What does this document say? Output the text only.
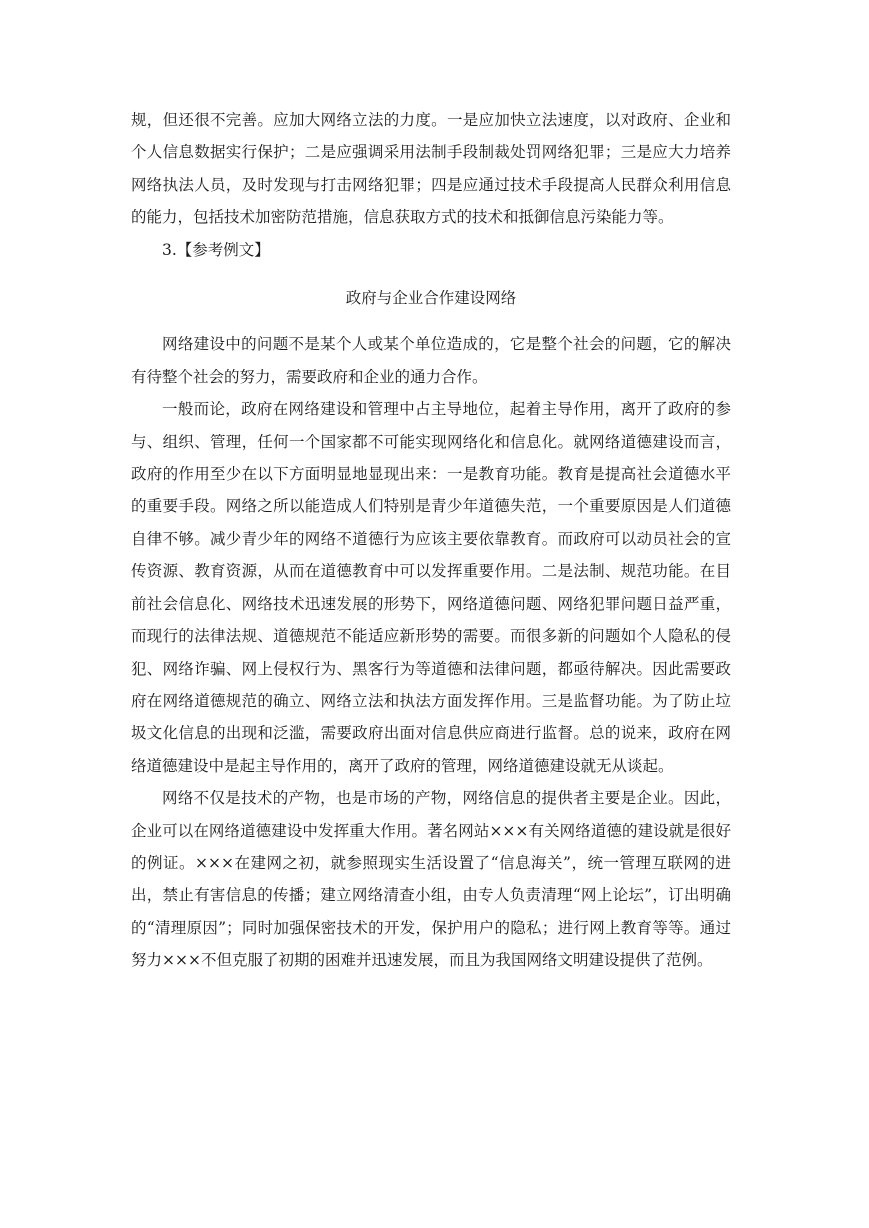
规，但还很不完善。应加大网络立法的力度。一是应加快立法速度，以对政府、企业和个人信息数据实行保护；二是应强调采用法制手段制裁处罚网络犯罪；三是应大力培养网络执法人员，及时发现与打击网络犯罪；四是应通过技术手段提高人民群众利用信息的能力，包括技术加密防范措施，信息获取方式的技术和抵御信息污染能力等。

3.【参考例文】

政府与企业合作建设网络

网络建设中的问题不是某个人或某个单位造成的，它是整个社会的问题，它的解决有待整个社会的努力，需要政府和企业的通力合作。

一般而论，政府在网络建设和管理中占主导地位，起着主导作用，离开了政府的参与、组织、管理，任何一个国家都不可能实现网络化和信息化。就网络道德建设而言，政府的作用至少在以下方面明显地显现出来：一是教育功能。教育是提高社会道德水平的重要手段。网络之所以能造成人们特别是青少年道德失范，一个重要原因是人们道德自律不够。减少青少年的网络不道德行为应该主要依靠教育。而政府可以动员社会的宣传资源、教育资源，从而在道德教育中可以发挥重要作用。二是法制、规范功能。在目前社会信息化、网络技术迅速发展的形势下，网络道德问题、网络犯罪问题日益严重，而现行的法律法规、道德规范不能适应新形势的需要。而很多新的问题如个人隐私的侵犯、网络诈骗、网上侵权行为、黑客行为等道德和法律问题，都亟待解决。因此需要政府在网络道德规范的确立、网络立法和执法方面发挥作用。三是监督功能。为了防止垃圾文化信息的出现和泛滥，需要政府出面对信息供应商进行监督。总的说来，政府在网络道德建设中是起主导作用的，离开了政府的管理，网络道德建设就无从谈起。

网络不仅是技术的产物，也是市场的产物，网络信息的提供者主要是企业。因此，企业可以在网络道德建设中发挥重大作用。著名网站×××有关网络道德的建设就是很好的例证。×××在建网之初，就参照现实生活设置了“信息海关”，统一管理互联网的进出，禁止有害信息的传播；建立网络清查小组，由专人负责清理“网上论坛”，订出明确的“清理原因”；同时加强保密技术的开发，保护用户的隐私；进行网上教育等等。通过努力×××不但克服了初期的困难并迅速发展，而且为我国网络文明建设提供了范例。
